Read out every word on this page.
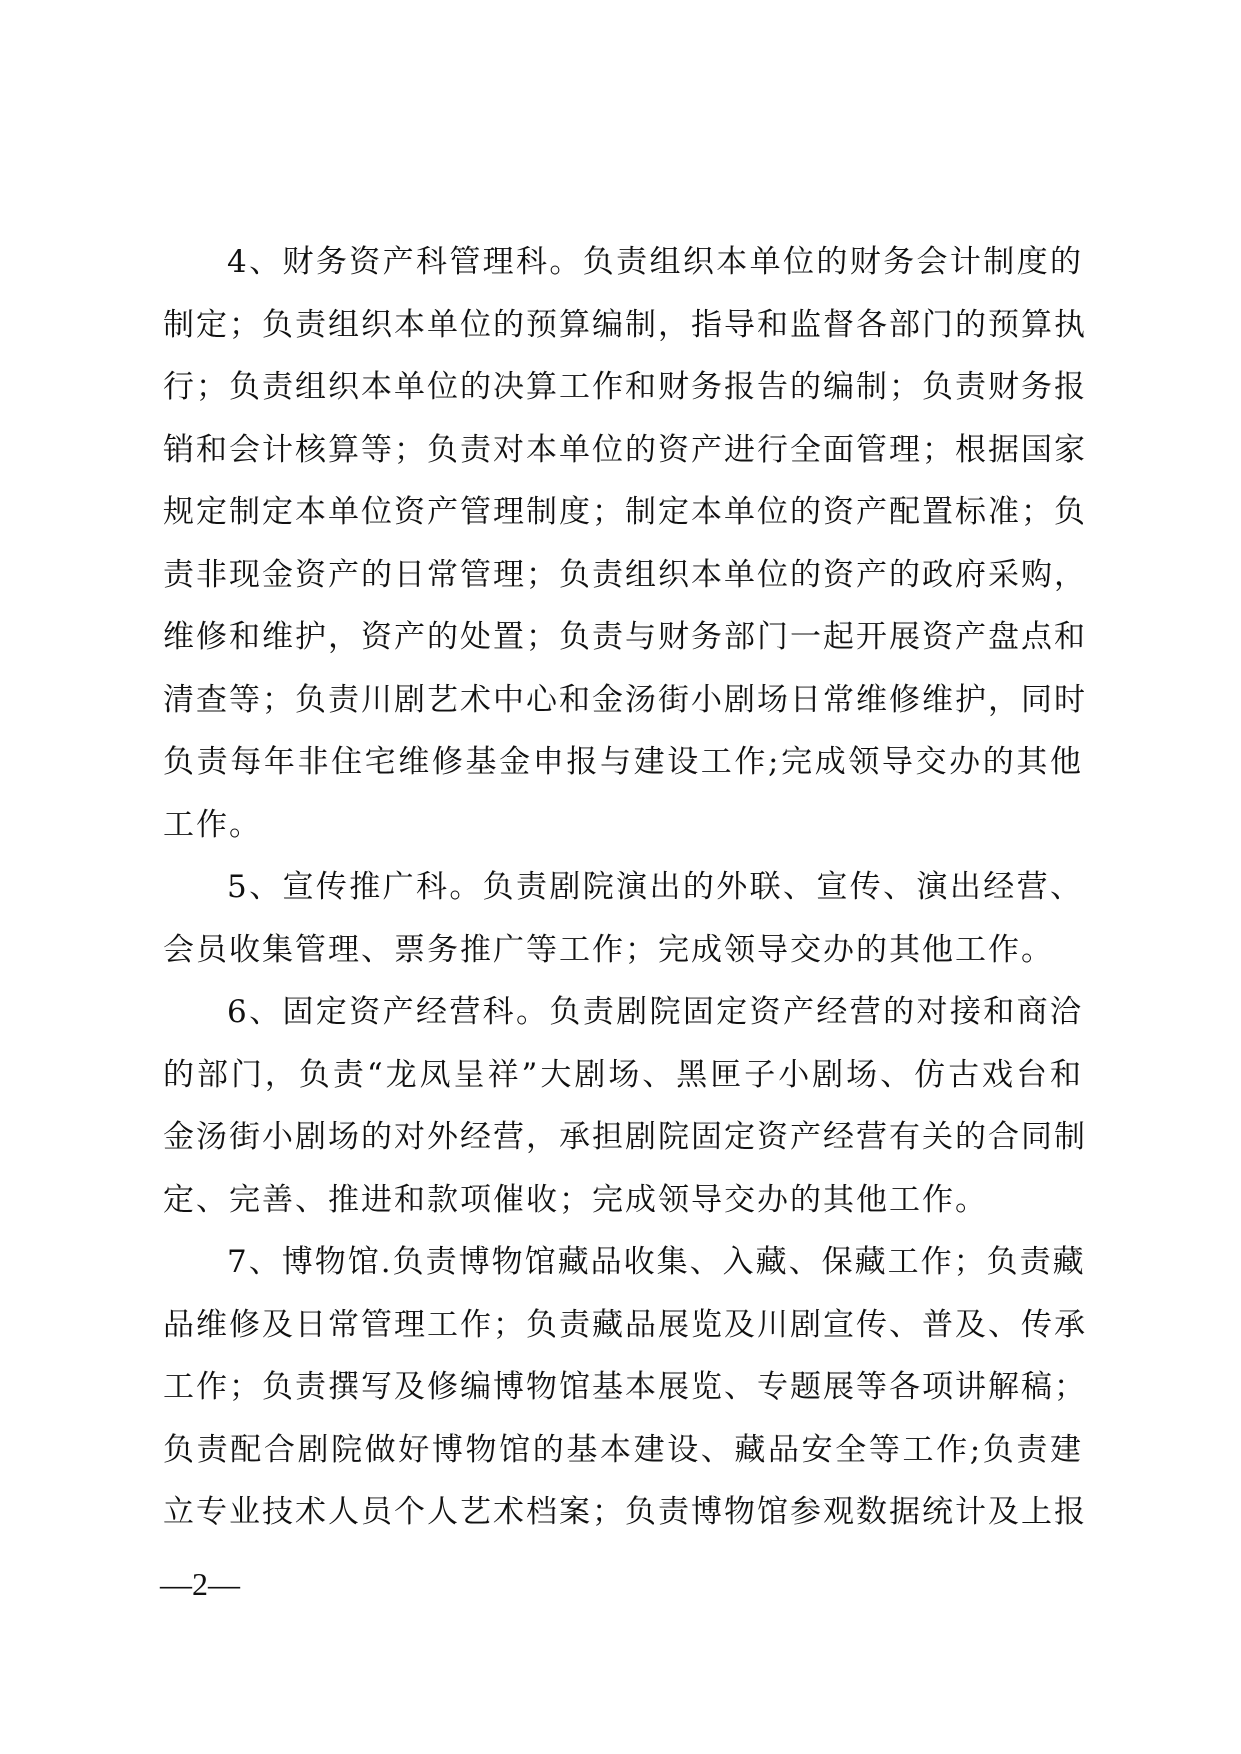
4、财务资产科管理科。负责组织本单位的财务会计制度的
制定；负责组织本单位的预算编制，指导和监督各部门的预算执
行；负责组织本单位的决算工作和财务报告的编制；负责财务报
销和会计核算等；负责对本单位的资产进行全面管理；根据国家
规定制定本单位资产管理制度；制定本单位的资产配置标准；负
责非现金资产的日常管理；负责组织本单位的资产的政府采购，
维修和维护，资产的处置；负责与财务部门一起开展资产盘点和
清查等；负责川剧艺术中心和金汤街小剧场日常维修维护，同时
负责每年非住宅维修基金申报与建设工作;完成领导交办的其他
工作。
5、宣传推广科。负责剧院演出的外联、宣传、演出经营、
会员收集管理、票务推广等工作；完成领导交办的其他工作。
6、固定资产经营科。负责剧院固定资产经营的对接和商洽
的部门，负责“龙凤呈祥”大剧场、黑匣子小剧场、仿古戏台和
金汤街小剧场的对外经营，承担剧院固定资产经营有关的合同制
定、完善、推进和款项催收；完成领导交办的其他工作。
7、博物馆.负责博物馆藏品收集、入藏、保藏工作；负责藏
品维修及日常管理工作；负责藏品展览及川剧宣传、普及、传承
工作；负责撰写及修编博物馆基本展览、专题展等各项讲解稿；
负责配合剧院做好博物馆的基本建设、藏品安全等工作;负责建
立专业技术人员个人艺术档案；负责博物馆参观数据统计及上报
—2—
